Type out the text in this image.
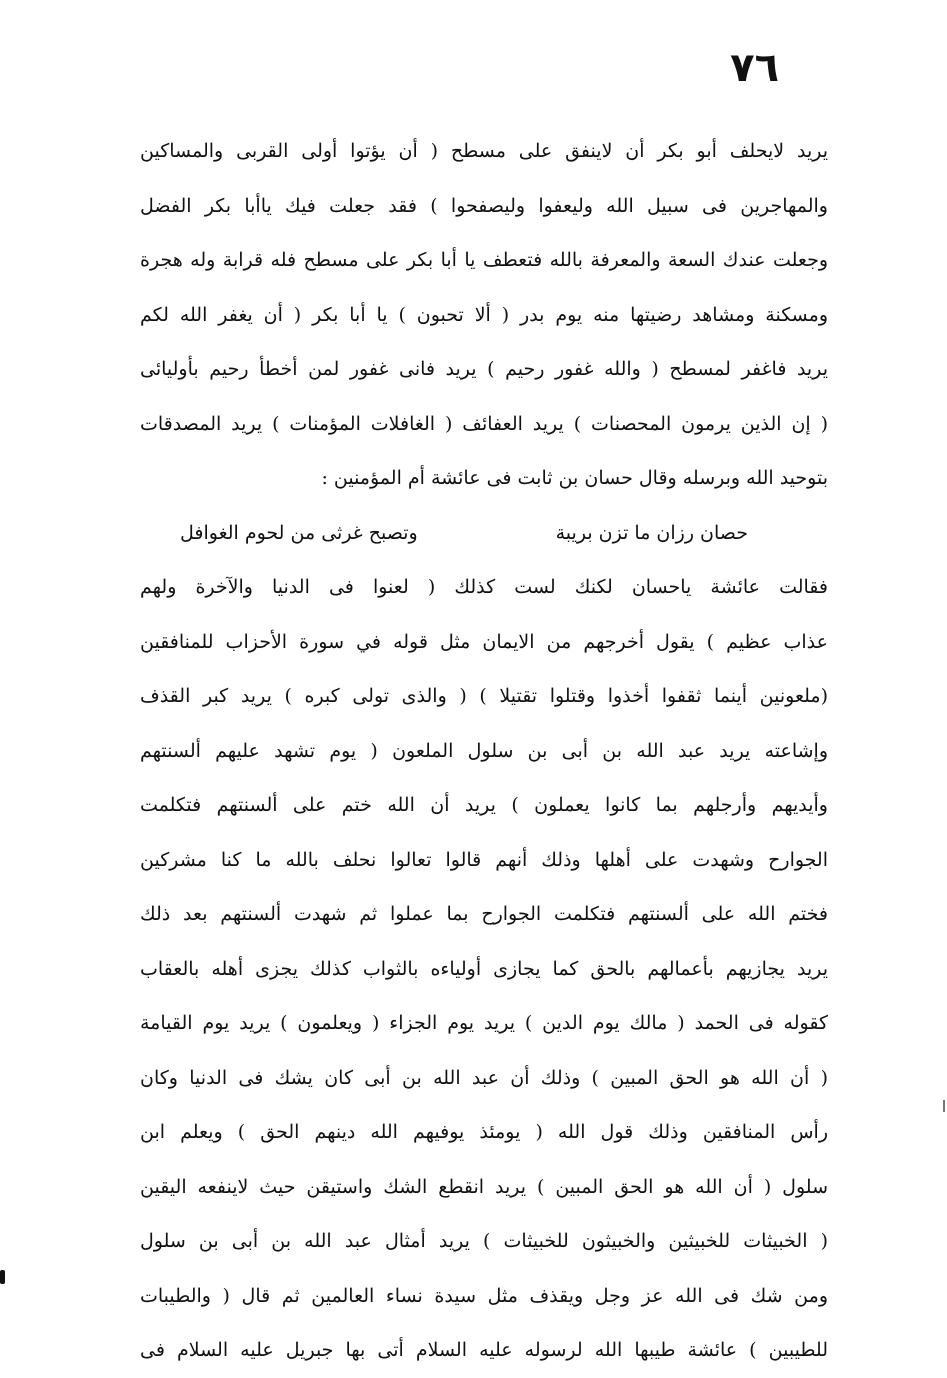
٧٦
يريد لايحلف أبو بكر أن لاينفق على مسطح ( أن يؤتوا أولى القربى والمساكين
والمهاجرين فى سبيل الله وليعفوا وليصفحوا ) فقد جعلت فيك ياأبا بكر الفضل
وجعلت عندك السعة والمعرفة بالله فتعطف يا أبا بكر على مسطح فله قرابة وله هجرة
ومسكنة ومشاهد رضيتها منه يوم بدر ( ألا تحبون ) يا أبا بكر ( أن يغفر الله لكم
يريد فاغفر لمسطح ( والله غفور رحيم ) يريد فانى غفور لمن أخطأ رحيم بأوليائى
( إن الذين يرمون المحصنات ) يريد العفائف ( الغافلات المؤمنات ) يريد المصدقات
بتوحيد الله وبرسله وقال حسان بن ثابت فى عائشة أم المؤمنين :
حصان رزان ما تزن بريبة
وتصبح غرثى من لحوم الغوافل
فقالت عائشة ياحسان لكنك لست كذلك ( لعنوا فى الدنيا والآخرة ولهم
عذاب عظيم ) يقول أخرجهم من الايمان مثل قوله في سورة الأحزاب للمنافقين
(ملعونين أينما ثقفوا أخذوا وقتلوا تقتيلا ) ( والذى تولى كبره ) يريد كبر القذف
وإشاعته يريد عبد الله بن أبى بن سلول الملعون ( يوم تشهد عليهم ألسنتهم
وأيديهم وأرجلهم بما كانوا يعملون ) يريد أن الله ختم على ألسنتهم فتكلمت
الجوارح وشهدت على أهلها وذلك أنهم قالوا تعالوا نحلف بالله ما كنا مشركين
فختم الله على ألسنتهم فتكلمت الجوارح بما عملوا ثم شهدت ألسنتهم بعد ذلك
يريد يجازيهم بأعمالهم بالحق كما يجازى أولياءه بالثواب كذلك يجزى أهله بالعقاب
كقوله فى الحمد ( مالك يوم الدين ) يريد يوم الجزاء ( ويعلمون ) يريد يوم القيامة
( أن الله هو الحق المبين ) وذلك أن عبد الله بن أبى كان يشك فى الدنيا وكان
رأس المنافقين وذلك قول الله ( يومئذ يوفيهم الله دينهم الحق ) ويعلم ابن
سلول ( أن الله هو الحق المبين ) يريد انقطع الشك واستيقن حيث لاينفعه اليقين
( الخبيثات للخبيثين والخبيثون للخبيثات ) يريد أمثال عبد الله بن أبى بن سلول
ومن شك فى الله عز وجل ويقذف مثل سيدة نساء العالمين ثم قال ( والطيبات
للطيبين ) عائشة طيبها الله لرسوله عليه السلام أتى بها جبريل عليه السلام فى
